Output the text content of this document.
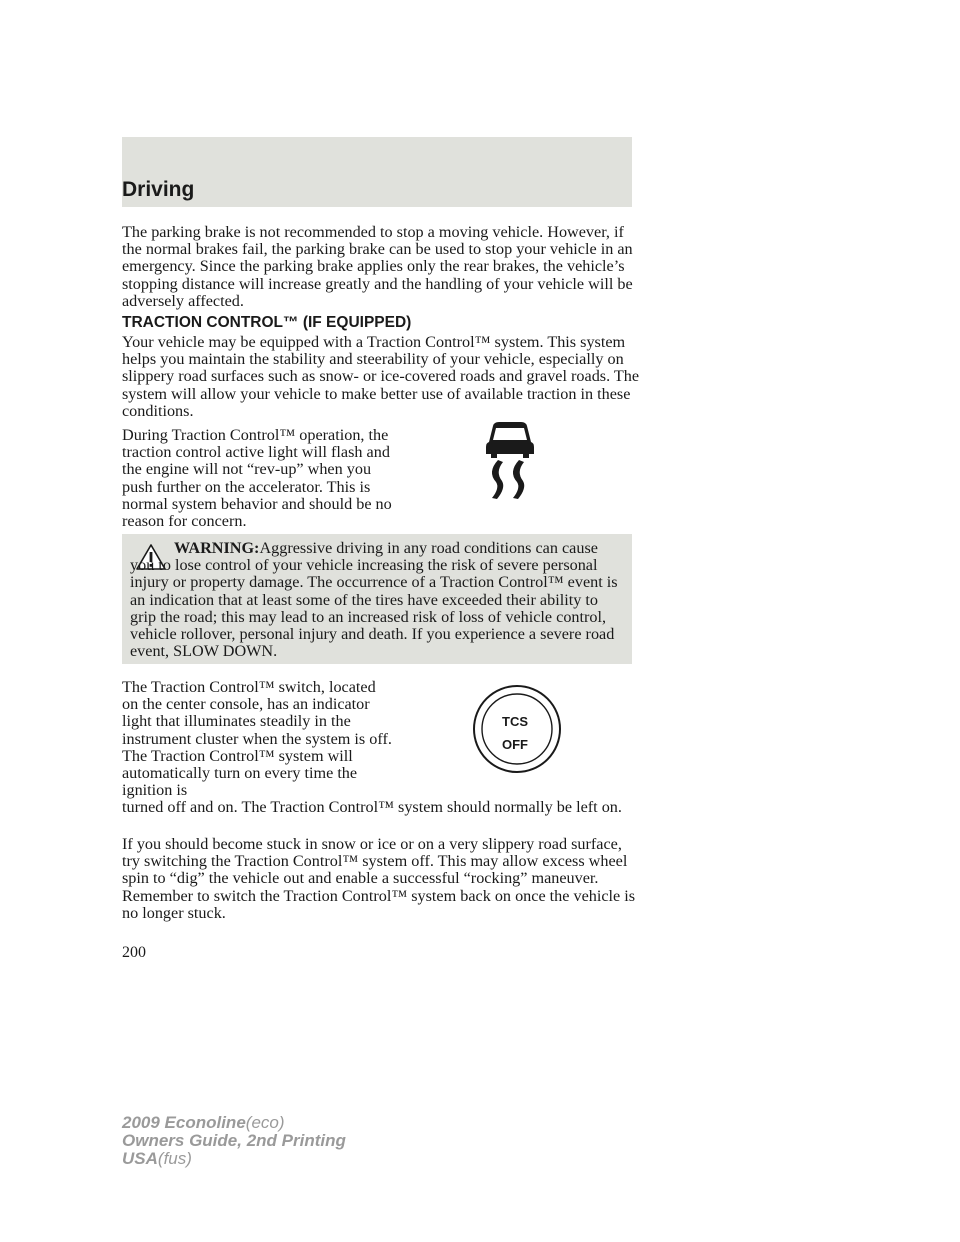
Driving

The parking brake is not recommended to stop a moving vehicle. However, if the normal brakes fail, the parking brake can be used to stop your vehicle in an emergency. Since the parking brake applies only the rear brakes, the vehicle’s stopping distance will increase greatly and the handling of your vehicle will be adversely affected.

TRACTION CONTROL™ (IF EQUIPPED)

Your vehicle may be equipped with a Traction Control™ system. This system helps you maintain the stability and steerability of your vehicle, especially on slippery road surfaces such as snow- or ice-covered roads and gravel roads. The system will allow your vehicle to make better use of available traction in these conditions.

During Traction Control™ operation, the traction control active light will flash and the engine will not “rev-up” when you push further on the accelerator. This is normal system behavior and should be no reason for concern.

WARNING:Aggressive driving in any road conditions can cause you to lose control of your vehicle increasing the risk of severe personal injury or property damage. The occurrence of a Traction Control™ event is an indication that at least some of the tires have exceeded their ability to grip the road; this may lead to an increased risk of loss of vehicle control, vehicle rollover, personal injury and death. If you experience a severe road event, SLOW DOWN.

The Traction Control™ switch, located on the center console, has an indicator light that illuminates steadily in the instrument cluster when the system is off. The Traction Control™ system will automatically turn on every time the ignition is

turned off and on. The Traction Control™ system should normally be left on.

TCS
OFF

If you should become stuck in snow or ice or on a very slippery road surface, try switching the Traction Control™ system off. This may allow excess wheel spin to “dig” the vehicle out and enable a successful “rocking” maneuver. Remember to switch the Traction Control™ system back on once the vehicle is no longer stuck.

200
2009 Econoline(eco)
Owners Guide, 2nd Printing
USA(fus)
